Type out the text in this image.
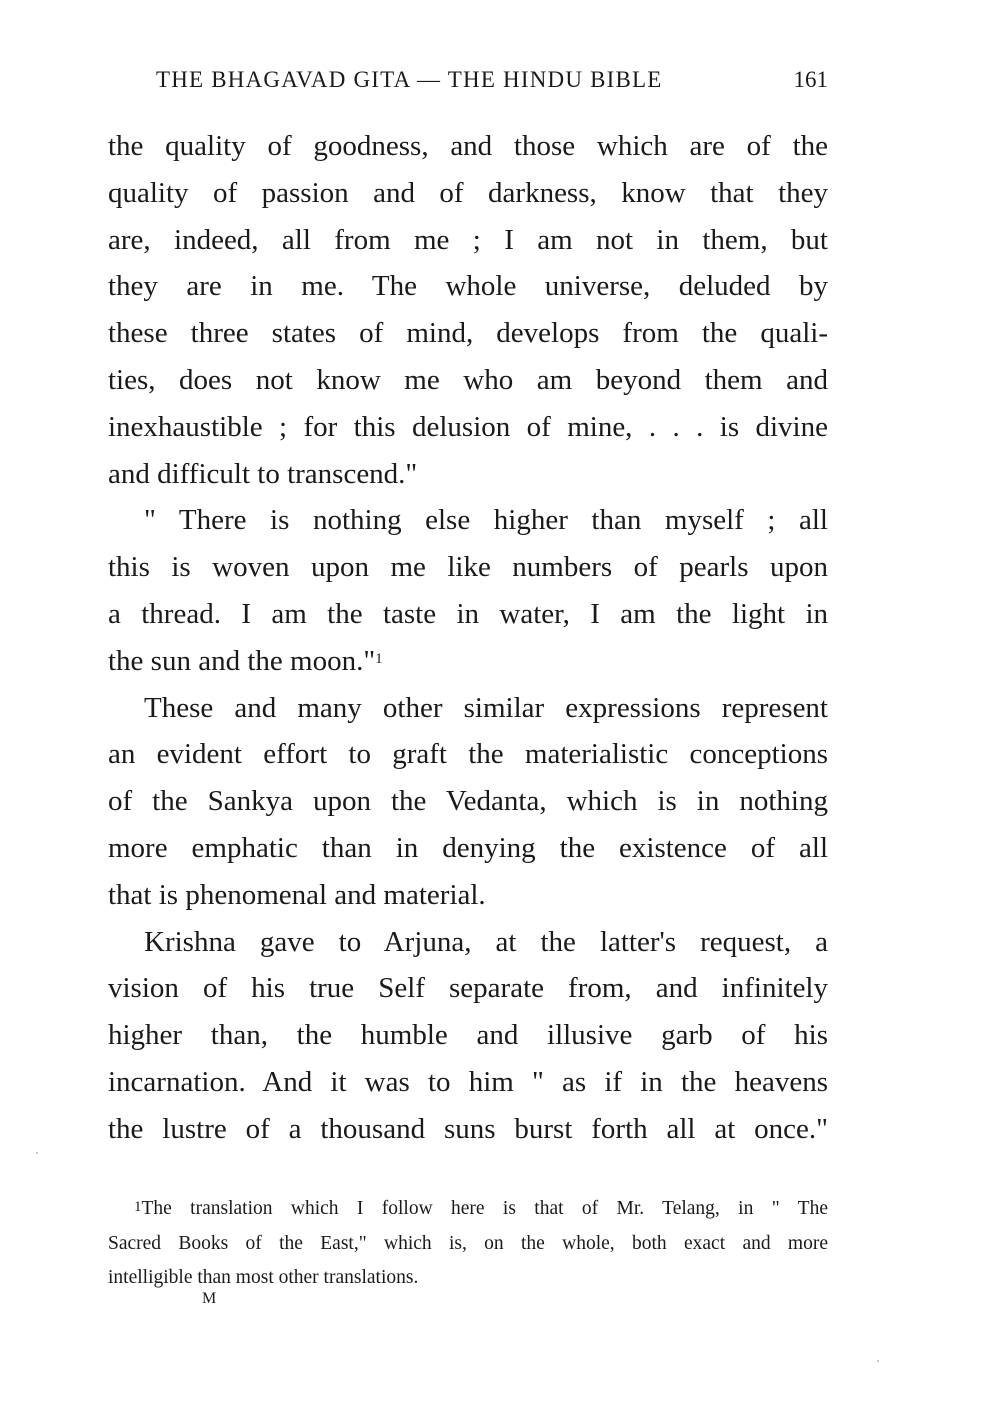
THE BHAGAVAD GITA — THE HINDU BIBLE	161
the quality of goodness, and those which are of the
quality of passion and of darkness, know that they
are, indeed, all from me ; I am not in them, but
they are in me. The whole universe, deluded by
these three states of mind, develops from the quali-
ties, does not know me who am beyond them and
inexhaustible ; for this delusion of mine, . . . is divine
and difficult to transcend."
" There is nothing else higher than myself ; all
this is woven upon me like numbers of pearls upon
a thread. I am the taste in water, I am the light in
the sun and the moon."$^1$
These and many other similar expressions represent
an evident effort to graft the materialistic conceptions
of the Sankya upon the Vedanta, which is in nothing
more emphatic than in denying the existence of all
that is phenomenal and material.
Krishna gave to Arjuna, at the latter's request, a
vision of his true Self separate from, and infinitely
higher than, the humble and illusive garb of his
incarnation. And it was to him " as if in the heavens
the lustre of a thousand suns burst forth all at once."
$^1$The translation which I follow here is that of Mr. Telang, in " The
Sacred Books of the East," which is, on the whole, both exact and more
intelligible than most other translations.
M
